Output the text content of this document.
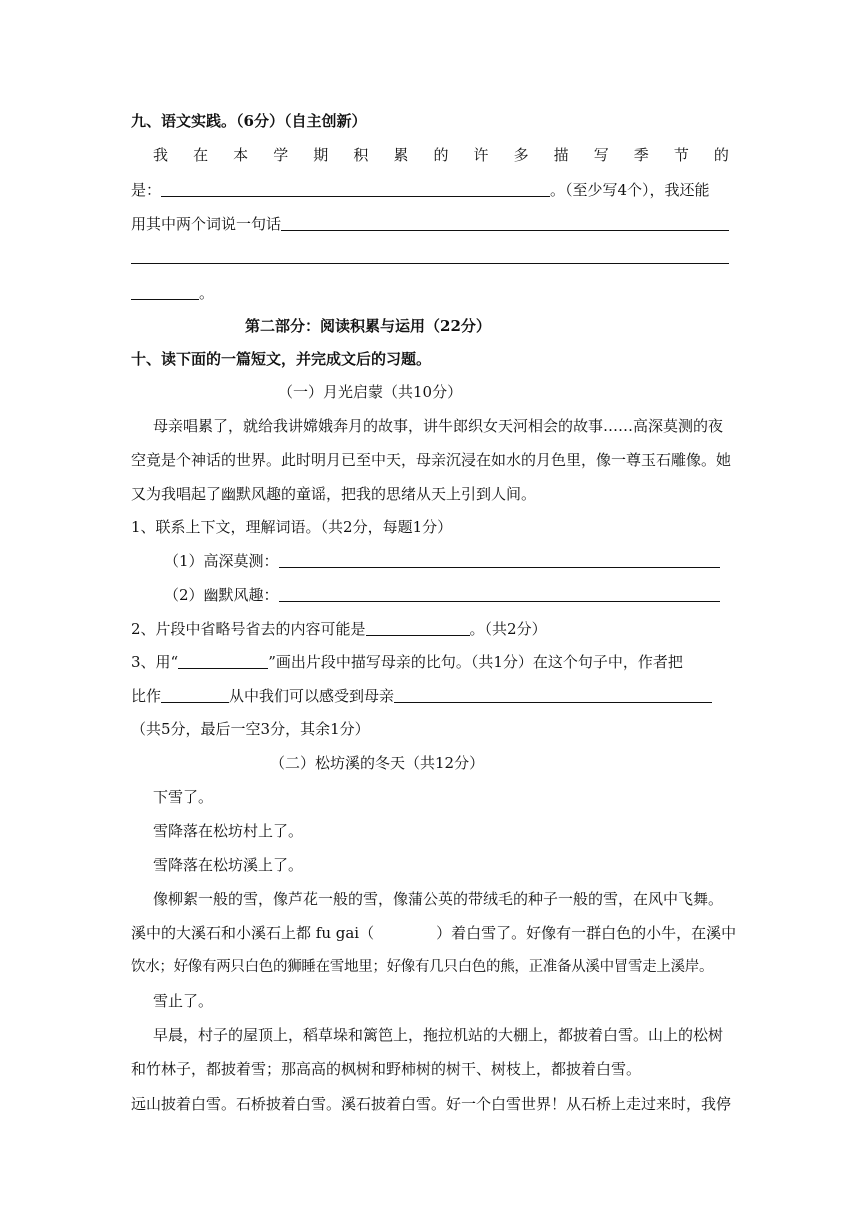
九、语文实践。（6分）（自主创新）
我 在 本 学 期 积 累 的 许 多 描 写 季 节 的
是：	。（至少写4个），我还能
用其中两个词说一句话
。
第二部分：阅读积累与运用（22分）
十、读下面的一篇短文，并完成文后的习题。
（一）月光启蒙（共10分）
母亲唱累了，就给我讲嫦娥奔月的故事，讲牛郎织女天河相会的故事……高深莫测的夜
空竟是个神话的世界。此时明月已至中天，母亲沉浸在如水的月色里，像一尊玉石雕像。她
又为我唱起了幽默风趣的童谣，把我的思绪从天上引到人间。
1、联系上下文，理解词语。（共2分，每题1分）
（1）高深莫测：
（2）幽默风趣：
2、片段中省略号省去的内容可能是	。（共2分）
3、用“	”画出片段中描写母亲的比句。（共1分）在这个句子中，作者把
比作	从中我们可以感受到母亲
（共5分，最后一空3分，其余1分）
（二）松坊溪的冬天（共12分）
下雪了。
雪降落在松坊村上了。
雪降落在松坊溪上了。
像柳絮一般的雪，像芦花一般的雪，像蒲公英的带绒毛的种子一般的雪，在风中飞舞。
溪中的大溪石和小溪石上都 fu gai（	）着白雪了。好像有一群白色的小牛，在溪中
饮水；好像有两只白色的狮睡在雪地里；好像有几只白色的熊，正准备从溪中冒雪走上溪岸。
雪止了。
早晨，村子的屋顶上，稻草垛和篱笆上，拖拉机站的大棚上，都披着白雪。山上的松树
和竹林子，都披着雪；那高高的枫树和野柿树的树干、树枝上，都披着白雪。
远山披着白雪。石桥披着白雪。溪石披着白雪。好一个白雪世界！从石桥上走过来时，我停
